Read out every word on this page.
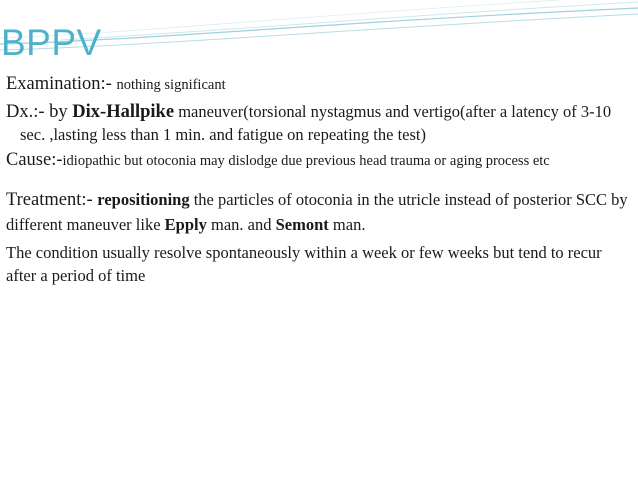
BPPV

Examination:- nothing significant

Dx.:- by Dix-Hallpike maneuver(torsional nystagmus and vertigo(after a latency of 3-10 sec. ,lasting less than 1 min. and fatigue on repeating the test)

Cause:-idiopathic but otoconia may dislodge due previous head trauma or aging process etc

Treatment:- repositioning the particles of otoconia in the utricle instead of posterior SCC by different maneuver like Epply man. and Semont man.

The condition usually resolve spontaneously within a week or few weeks but tend to recur after a period of time
